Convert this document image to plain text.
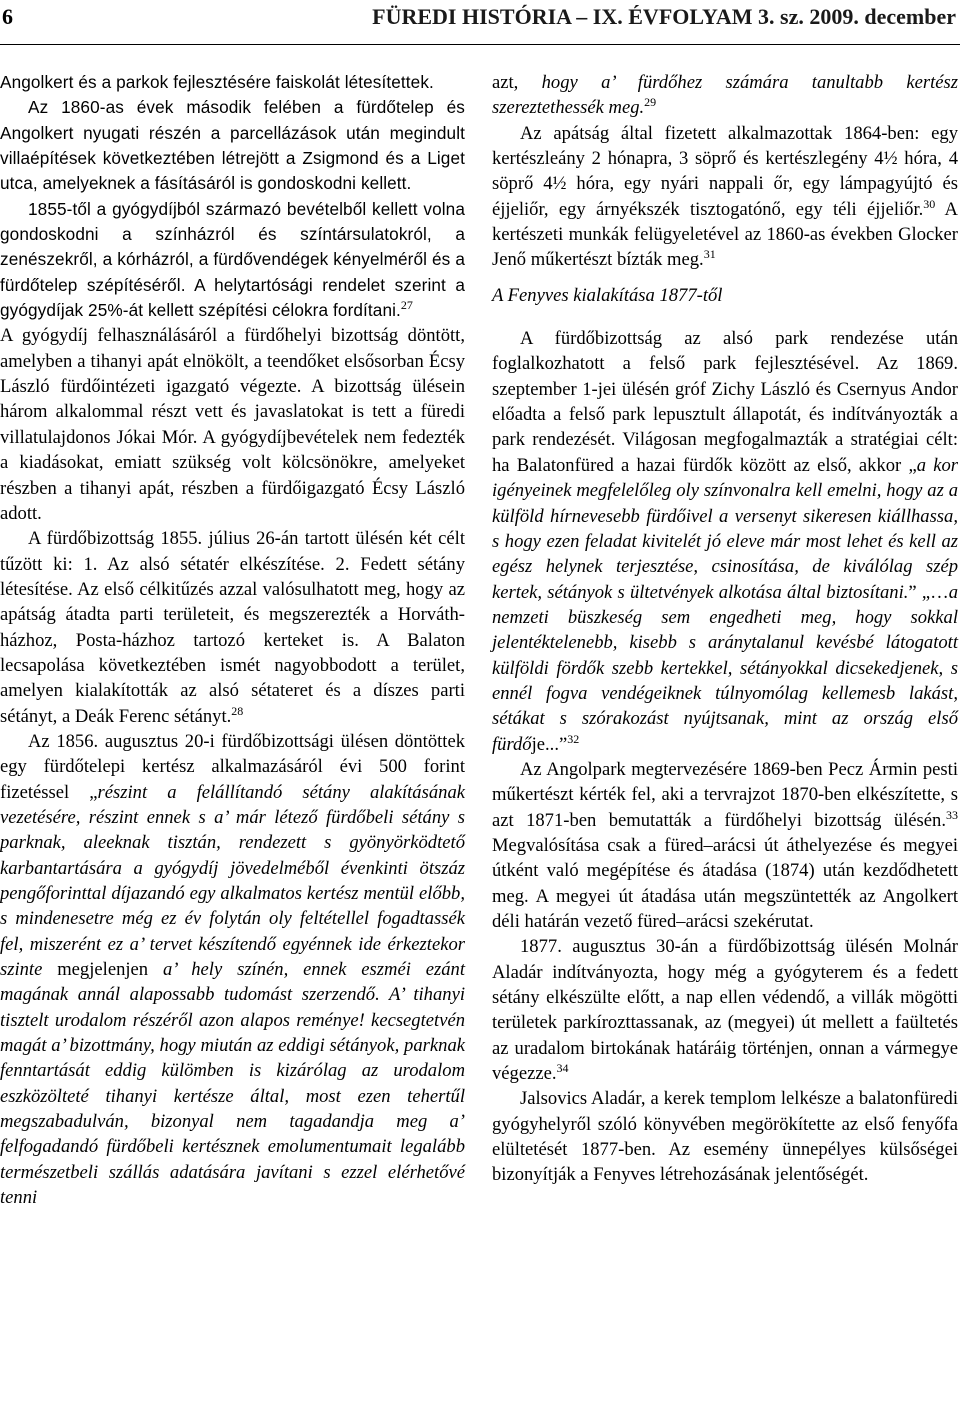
6	FÜREDI HISTÓRIA – IX. ÉVFOLYAM 3. sz. 2009. december

Angolkert és a parkok fejlesztésére faiskolát létesítettek.

Az 1860-as évek második felében a fürdőtelep és Angolkert nyugati részén a parcellázások után megindult villaépítések következtében létrejött a Zsigmond és a Liget utca, amelyeknek a fásításáról is gondoskodni kellett.

1855-től a gyógydíjból származó bevételből kellett volna gondoskodni a színházról és színtársulatokról, a zenészekről, a kórházról, a fürdővendégek kényelméről és a fürdőtelep szépítéséről. A helytartósági rendelet szerint a gyógydíjak 25%-át kellett szépítési célokra fordítani.$^{27}$

A gyógydíj felhasználásáról a fürdőhelyi bizottság döntött, amelyben a tihanyi apát elnökölt, a teendőket elsősorban Écsy László fürdőintézeti igazgató végezte. A bizottság ülésein három alkalommal részt vett és javaslatokat is tett a füredi villatulajdonos Jókai Mór. A gyógydíjbevételek nem fedezték a kiadásokat, emiatt szükség volt kölcsönökre, amelyeket részben a tihanyi apát, részben a fürdőigazgató Écsy László adott.

A fürdőbizottság 1855. július 26-án tartott ülésén két célt tűzött ki: 1. Az alsó sétatér elkészítése. 2. Fedett sétány létesítése. Az első célkitűzés azzal valósulhatott meg, hogy az apátság átadta parti területeit, és megszerezték a Horváth-házhoz, Posta-házhoz tartozó kerteket is. A Balaton lecsapolása következtében ismét nagyobbodott a terület, amelyen kialakították az alsó sétateret és a díszes parti sétányt, a Deák Ferenc sétányt.$^{28}$

Az 1856. augusztus 20-i fürdőbizottsági ülésen döntöttek egy fürdőtelepi kertész alkalmazásáról évi 500 forint fizetéssel „részint a felállítandó sétány alakításának vezetésére, részint ennek s a’ már létező fürdőbeli sétány s parknak, aleeknak tisztán, rendezett s gyönyörködtető karbantartására a gyógydíj jövedelméből évenkinti ötszáz pengőforinttal díjazandó egy alkalmatos kertész mentül előbb, s mindenesetre még ez év folytán oly feltétellel fogadtassék fel, miszerént ez a’ tervet készítendő egyénnek ide érkeztekor szinte megjelenjen a’ hely színén, ennek eszméi ezánt magának annál alapossabb tudomást szerzendő. A’ tihanyi tisztelt urodalom részéről azon alapos reménye! kecsegtetvén magát a’ bizottmány, hogy miután az eddigi sétányok, parknak fenntartását eddig külömben is kizárólag az urodalom eszközölteté tihanyi kertésze által, most ezen tehertűl megszabadulván, bizonyal nem tagadandja meg a’ felfogadandó fürdőbeli kertésznek emolumentumait legalább természetbeli szállás adatására javítani s ezzel elérhetővé tenni

azt, hogy a’ fürdőhez számára tanultabb kertész szereztethessék meg.$^{29}$

Az apátság által fizetett alkalmazottak 1864-ben: egy kertészleány 2 hónapra, 3 söprő és kertészlegény 4½ hóra, 4 söprő 4½ hóra, egy nyári nappali őr, egy lámpagyújtó és éjjeliőr, egy árnyékszék tisztogatónő, egy téli éjjeliőr.$^{30}$ A kertészeti munkák felügyeletével az 1860-as években Glocker Jenő műkertészt bízták meg.$^{31}$

A Fenyves kialakítása 1877-től

A fürdőbizottság az alsó park rendezése után foglalkozhatott a felső park fejlesztésével. Az 1869. szeptember 1-jei ülésén gróf Zichy László és Csernyus Andor előadta a felső park lepusztult állapotát, és indítványozták a park rendezését. Világosan megfogalmazták a stratégiai célt: ha Balatonfüred a hazai fürdők között az első, akkor „a kor igényeinek megfelelőleg oly színvonalra kell emelni, hogy az a külföld hírnevesebb fürdőivel a versenyt sikeresen kiállhassa, s hogy ezen feladat kivitelét jó eleve már most lehet és kell az egész helynek terjesztése, csinosítása, de kiválólag szép kertek, sétányok s ültetvények alkotása által biztosítani.” „…a nemzeti büszkeség sem engedheti meg, hogy sokkal jelentéktelenebb, kisebb s aránytalanul kevésbé látogatott külföldi fördők szebb kertekkel, sétányokkal dicsekedjenek, s ennél fogva vendégeiknek túlnyomólag kellemesb lakást, sétákat s szórakozást nyújtsanak, mint az ország első fürdője...”$^{32}$

Az Angolpark megtervezésére 1869-ben Pecz Ármin pesti műkertészt kérték fel, aki a tervrajzot 1870-ben elkészítette, s azt 1871-ben bemutatták a fürdőhelyi bizottság ülésén.$^{33}$ Megvalósítása csak a füred–arácsi út áthelyezése és megyei útként való megépítése és átadása (1874) után kezdődhetett meg. A megyei út átadása után megszüntették az Angolkert déli határán vezető füred–arácsi szekérutat.

1877. augusztus 30-án a fürdőbizottság ülésén Molnár Aladár indítványozta, hogy még a gyógyterem és a fedett sétány elkészülte előtt, a nap ellen védendő, a villák mögötti területek parkírozttassanak, az (megyei) út mellett a faültetés az uradalom birtokának határáig történjen, onnan a vármegye végezze.$^{34}$

Jalsovics Aladár, a kerek templom lelkésze a balatonfüredi gyógyhelyről szóló könyvében megörökítette az első fenyőfa elültetését 1877-ben. Az esemény ünnepélyes külsőségei bizonyítják a Fenyves létrehozásának jelentőségét.
